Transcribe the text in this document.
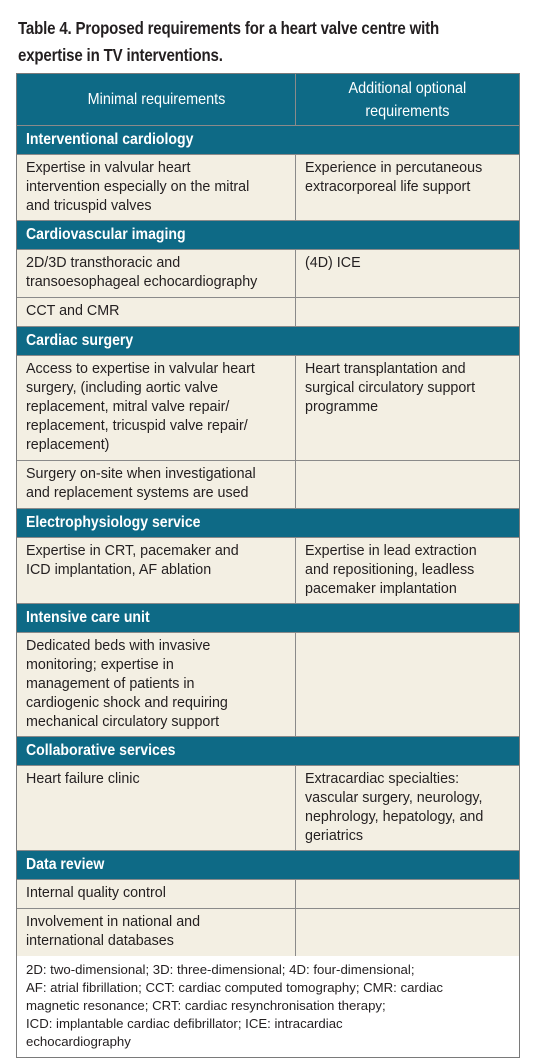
Table 4. Proposed requirements for a heart valve centre with
expertise in TV interventions.
Minimal requirements
Additional optional
requirements
Interventional cardiology
Expertise in valvular heart
intervention especially on the mitral
and tricuspid valves
Experience in percutaneous
extracorporeal life support
Cardiovascular imaging
2D/3D transthoracic and
transoesophageal echocardiography
(4D) ICE
CCT and CMR
Cardiac surgery
Access to expertise in valvular heart
surgery, (including aortic valve
replacement, mitral valve repair/
replacement, tricuspid valve repair/
replacement)
Heart transplantation and
surgical circulatory support
programme
Surgery on-site when investigational
and replacement systems are used
Electrophysiology service
Expertise in CRT, pacemaker and
ICD implantation, AF ablation
Expertise in lead extraction
and repositioning, leadless
pacemaker implantation
Intensive care unit
Dedicated beds with invasive
monitoring; expertise in
management of patients in
cardiogenic shock and requiring
mechanical circulatory support
Collaborative services
Heart failure clinic	Extracardiac specialties:
vascular surgery, neurology,
nephrology, hepatology, and
geriatrics
Data review
Internal quality control
Involvement in national and
international databases
2D: two-dimensional; 3D: three-dimensional; 4D: four-dimensional;
AF: atrial fibrillation; CCT: cardiac computed tomography; CMR: cardiac
magnetic resonance; CRT: cardiac resynchronisation therapy;
ICD: implantable cardiac defibrillator; ICE: intracardiac
echocardiography
